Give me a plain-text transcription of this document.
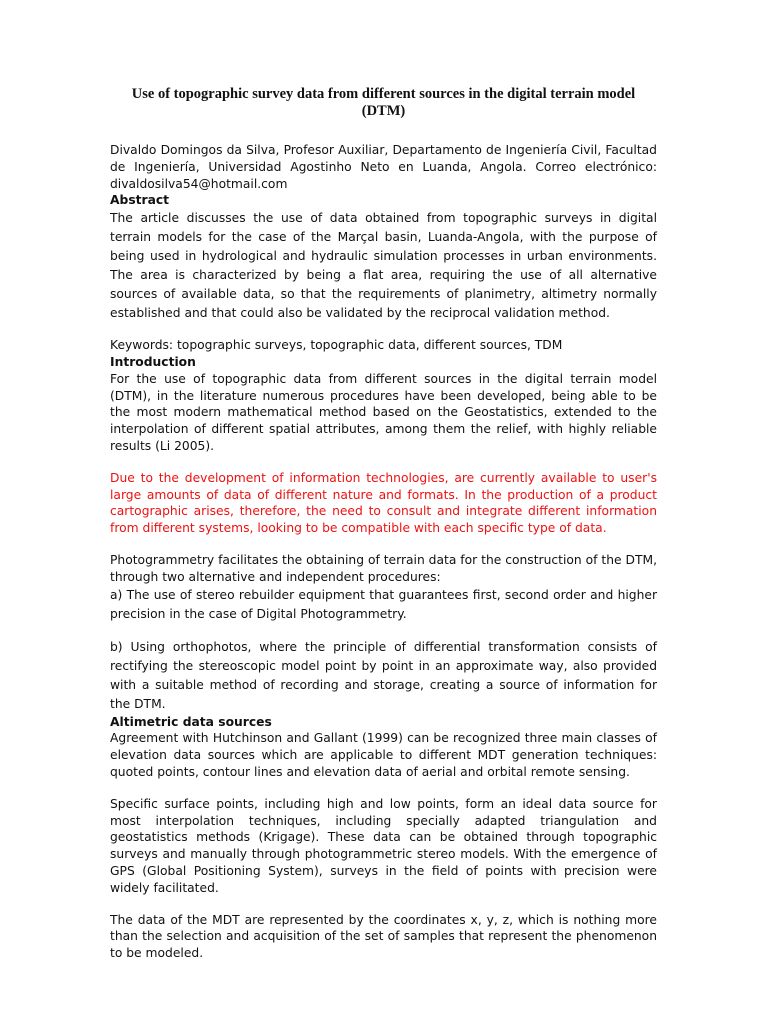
Use of topographic survey data from different sources in the digital terrain model (DTM)

Divaldo Domingos da Silva, Profesor Auxiliar, Departamento de Ingeniería Civil, Facultad de Ingeniería, Universidad Agostinho Neto en Luanda, Angola. Correo electrónico: divaldosilva54@hotmail.com

Abstract

The article discusses the use of data obtained from topographic surveys in digital terrain models for the case of the Marçal basin, Luanda-Angola, with the purpose of being used in hydrological and hydraulic simulation processes in urban environments. The area is characterized by being a flat area, requiring the use of all alternative sources of available data, so that the requirements of planimetry, altimetry normally established and that could also be validated by the reciprocal validation method.

Keywords: topographic surveys, topographic data, different sources, TDM

Introduction

For the use of topographic data from different sources in the digital terrain model (DTM), in the literature numerous procedures have been developed, being able to be the most modern mathematical method based on the Geostatistics, extended to the interpolation of different spatial attributes, among them the relief, with highly reliable results (Li 2005).

Due to the development of information technologies, are currently available to user's large amounts of data of different nature and formats. In the production of a product cartographic arises, therefore, the need to consult and integrate different information from different systems, looking to be compatible with each specific type of data.

Photogrammetry facilitates the obtaining of terrain data for the construction of the DTM, through two alternative and independent procedures:

a) The use of stereo rebuilder equipment that guarantees first, second order and higher precision in the case of Digital Photogrammetry.

b) Using orthophotos, where the principle of differential transformation consists of rectifying the stereoscopic model point by point in an approximate way, also provided with a suitable method of recording and storage, creating a source of information for the DTM.

Altimetric data sources

Agreement with Hutchinson and Gallant (1999) can be recognized three main classes of elevation data sources which are applicable to different MDT generation techniques: quoted points, contour lines and elevation data of aerial and orbital remote sensing.

Specific surface points, including high and low points, form an ideal data source for most interpolation techniques, including specially adapted triangulation and geostatistics methods (Krigage). These data can be obtained through topographic surveys and manually through photogrammetric stereo models. With the emergence of GPS (Global Positioning System), surveys in the field of points with precision were widely facilitated.

The data of the MDT are represented by the coordinates x, y, z, which is nothing more than the selection and acquisition of the set of samples that represent the phenomenon to be modeled.
